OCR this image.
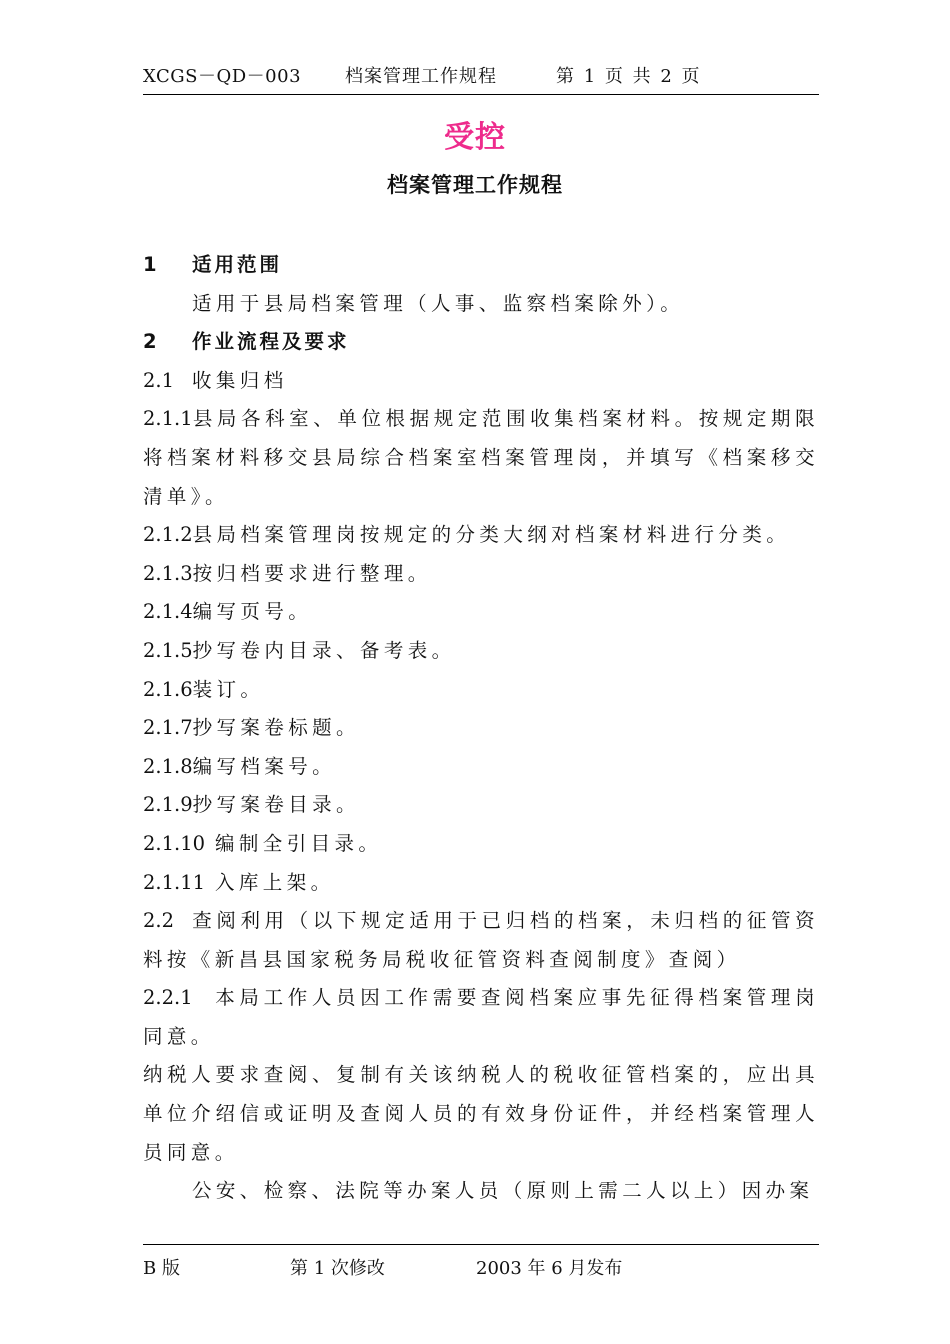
XCGS－QD－003 档案管理工作规程	第 1 页 共 2 页
受控
档案管理工作规程

1 适用范围

适用于县局档案管理（人事、监察档案除外）。

2 作业流程及要求

2.1 收集归档

2.1.1县局各科室、单位根据规定范围收集档案材料。按规定期限将档案材料移交县局综合档案室档案管理岗，并填写《档案移交清单》。

2.1.2县局档案管理岗按规定的分类大纲对档案材料进行分类。

2.1.3按归档要求进行整理。

2.1.4编写页号。

2.1.5抄写卷内目录、备考表。

2.1.6装订。

2.1.7抄写案卷标题。

2.1.8编写档案号。

2.1.9抄写案卷目录。

2.1.10 编制全引目录。

2.1.11 入库上架。

2.2 查阅利用（以下规定适用于已归档的档案，未归档的征管资料按《新昌县国家税务局税收征管资料查阅制度》查阅）

2.2.1 本局工作人员因工作需要查阅档案应事先征得档案管理岗同意。

纳税人要求查阅、复制有关该纳税人的税收征管档案的，应出具单位介绍信或证明及查阅人员的有效身份证件，并经档案管理人员同意。

公安、检察、法院等办案人员（原则上需二人以上）因办案

B 版	第 1 次修改	2003 年 6 月发布
